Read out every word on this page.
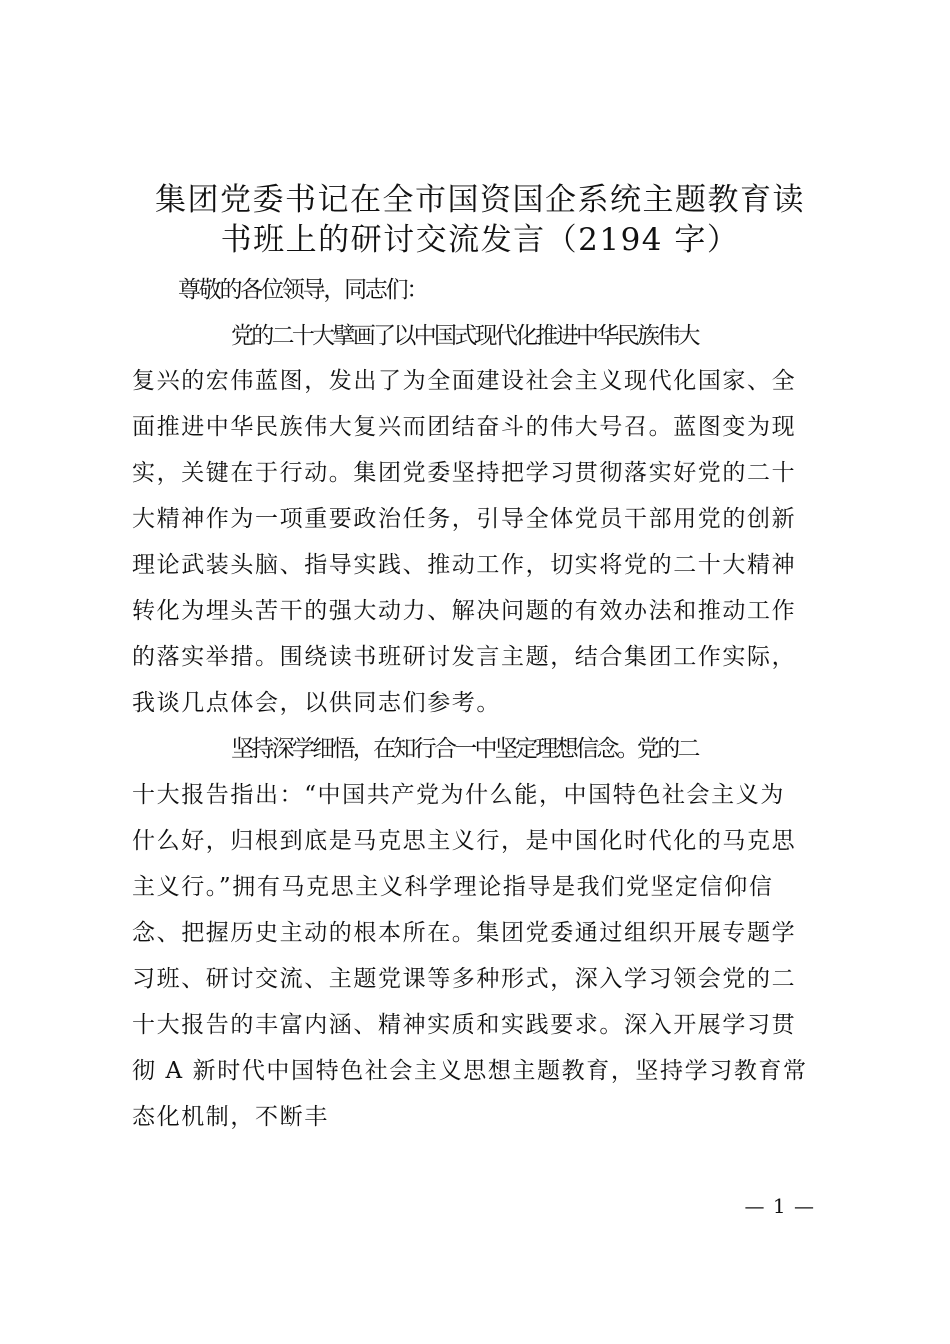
集团党委书记在全市国资国企系统主题教育读
书班上的研讨交流发言（2194 字）
尊敬的各位领导，同志们：
党的二十大擘画了以中国式现代化推进中华民族伟大
复兴的宏伟蓝图，发出了为全面建设社会主义现代化国家、全
面推进中华民族伟大复兴而团结奋斗的伟大号召。蓝图变为现
实，关键在于行动。集团党委坚持把学习贯彻落实好党的二十
大精神作为一项重要政治任务，引导全体党员干部用党的创新
理论武装头脑、指导实践、推动工作，切实将党的二十大精神
转化为埋头苦干的强大动力、解决问题的有效办法和推动工作
的落实举措。围绕读书班研讨发言主题，结合集团工作实际，
我谈几点体会，以供同志们参考。
坚持深学细悟，在知行合一中坚定理想信念。党的二
十大报告指出：“中国共产党为什么能，中国特色社会主义为
什么好，归根到底是马克思主义行，是中国化时代化的马克思
主义行。”拥有马克思主义科学理论指导是我们党坚定信仰信
念、把握历史主动的根本所在。集团党委通过组织开展专题学
习班、研讨交流、主题党课等多种形式，深入学习领会党的二
十大报告的丰富内涵、精神实质和实践要求。深入开展学习贯
彻 A 新时代中国特色社会主义思想主题教育，坚持学习教育常
态化机制，不断丰
— 1 —
